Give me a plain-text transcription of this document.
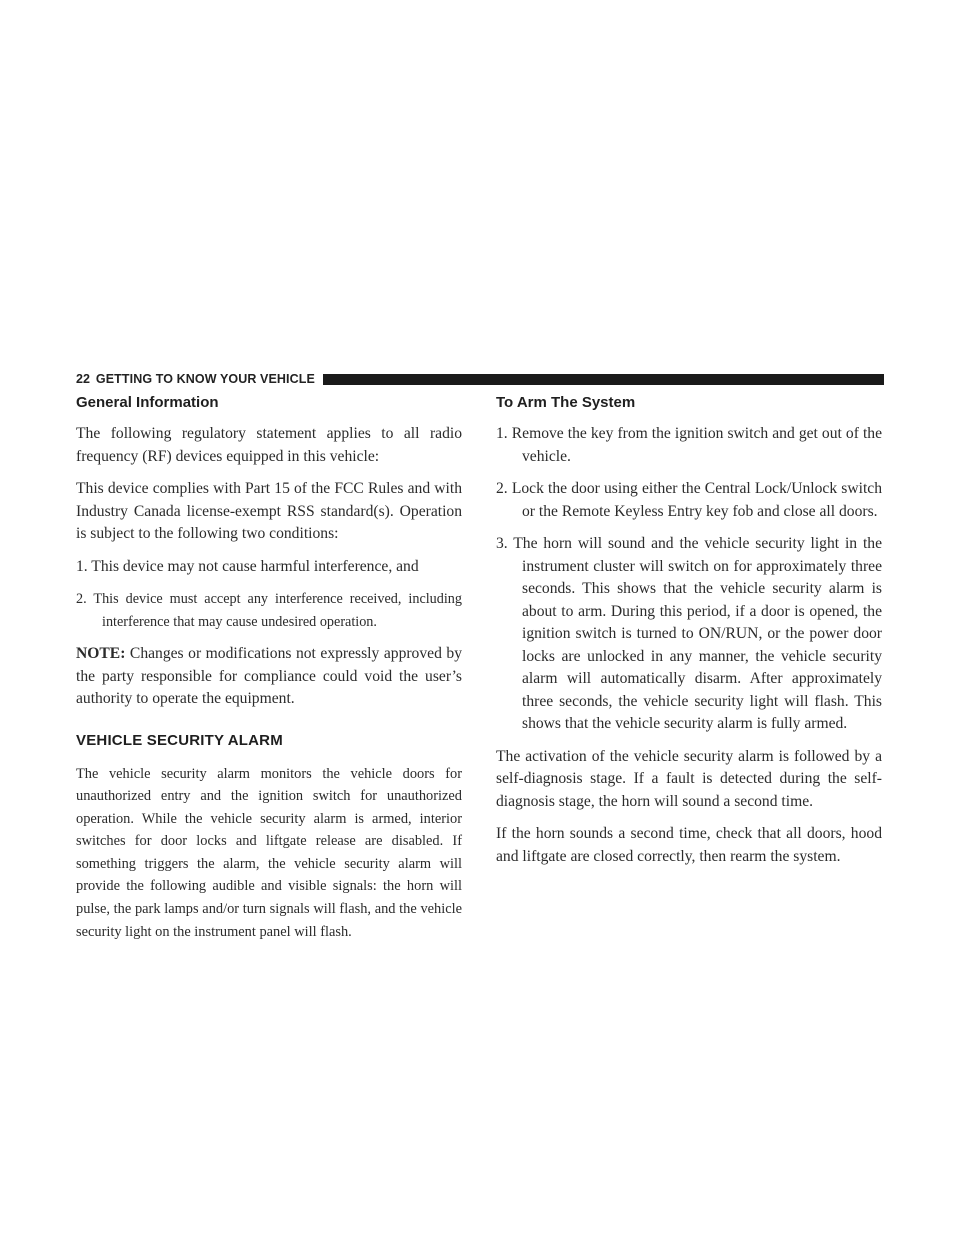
22 GETTING TO KNOW YOUR VEHICLE
General Information

The following regulatory statement applies to all radio frequency (RF) devices equipped in this vehicle:

This device complies with Part 15 of the FCC Rules and with Industry Canada license-exempt RSS standard(s). Operation is subject to the following two conditions:

1. This device may not cause harmful interference, and
2. This device must accept any interference received, including interference that may cause undesired operation.

NOTE: Changes or modifications not expressly approved by the party responsible for compliance could void the user’s authority to operate the equipment.

VEHICLE SECURITY ALARM

The vehicle security alarm monitors the vehicle doors for unauthorized entry and the ignition switch for unauthorized operation. While the vehicle security alarm is armed, interior switches for door locks and liftgate release are disabled. If something triggers the alarm, the vehicle security alarm will provide the following audible and visible signals: the horn will pulse, the park lamps and/or turn signals will flash, and the vehicle security light on the instrument panel will flash.

To Arm The System
1. Remove the key from the ignition switch and get out of the vehicle.
2. Lock the door using either the Central Lock/Unlock switch or the Remote Keyless Entry key fob and close all doors.
3. The horn will sound and the vehicle security light in the instrument cluster will switch on for approximately three seconds. This shows that the vehicle security alarm is about to arm. During this period, if a door is opened, the ignition switch is turned to ON/RUN, or the power door locks are unlocked in any manner, the vehicle security alarm will automatically disarm. After approximately three seconds, the vehicle security light will flash. This shows that the vehicle security alarm is fully armed.

The activation of the vehicle security alarm is followed by a self-diagnosis stage. If a fault is detected during the self-diagnosis stage, the horn will sound a second time.

If the horn sounds a second time, check that all doors, hood and liftgate are closed correctly, then rearm the system.
